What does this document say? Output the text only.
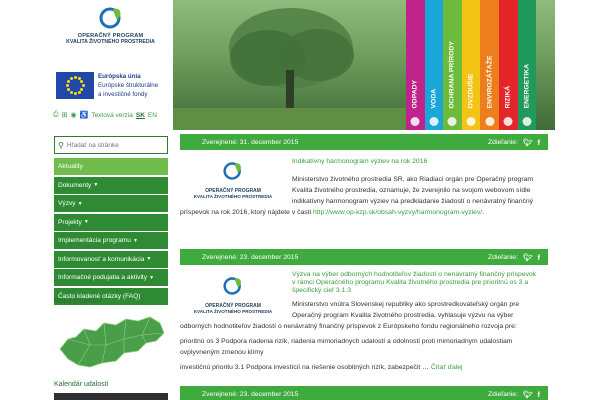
OPERAČNÝ PROGRAM
KVALITA ŽIVOTNÉHO PROSTREDIA
Európska únia
Európske štrukturálne
a investičné fondy
⎙ ⊞ ◉ ♿ Textová verzia SK EN
⚲
Hľadať na stránke
Aktuality
Dokumenty ▼
Výzvy ▼
Projekty ▼
Implementácia programu ▼
Informovanosť a komunikácia ▼
Informačné podujatia a aktivity ▼
Často kladené otázky (FAQ)
Mapa projektov
Kalendár udalostí
ODPADY VODA OCHRANA PRÍRODY OVZDUŠIE ENVIROZÁŤAŽE RIZIKÁ ENERGETIKA
Zverejnené: 31. december 2015	Zdieľanie: 🐦︎ f
OPERAČNÝ PROGRAM
KVALITA ŽIVOTNÉHO PROSTREDIA
Indikatívny harmonogram výziev na rok 2016
Ministerstvo životného prostredia SR, ako Riadiaci orgán pre Operačný program
Kvalita životného prostredia, oznamuje, že zverejnilo na svojom webovom sídle
indikatívny harmonogram výziev na predkladanie žiadostí o nenávratný finančný
príspevok na rok 2016, ktorý nájdete v časti http://www.op-kzp.sk/obsah-vyzvy/harmonogram-vyziev/.
Zverejnené: 23. december 2015	Zdieľanie: 🐦︎ f
OPERAČNÝ PROGRAM
KVALITA ŽIVOTNÉHO PROSTREDIA
Výzva na výber odborných hodnotiteľov žiadostí o nenávratný finančný príspevok
v rámci Operačného programu Kvalita životného prostredia pre prioritnú os 3 a
špecifický cieľ 3.1.3
Ministerstvo vnútra Slovenskej republiky ako sprostredkovateľský orgán pre
Operačný program Kvalita životného prostredia, vyhlasuje výzvu na výber
odborných hodnotiteľov žiadostí o nenávratný finančný príspevok z Európskeho fondu regionálneho rozvoja pre:
prioritnú os 3 Podpora riadenia rizík, riadenia mimoriadnych udalostí a odolnosti proti mimoriadnym udalostiam
ovplyvneným zmenou klímy
investičnú prioritu 3.1 Podpora investícií na riešenie osobitných rizík, zabezpečit … Čítať ďalej
Zverejnené: 23. december 2015	Zdieľanie: 🐦︎ f
